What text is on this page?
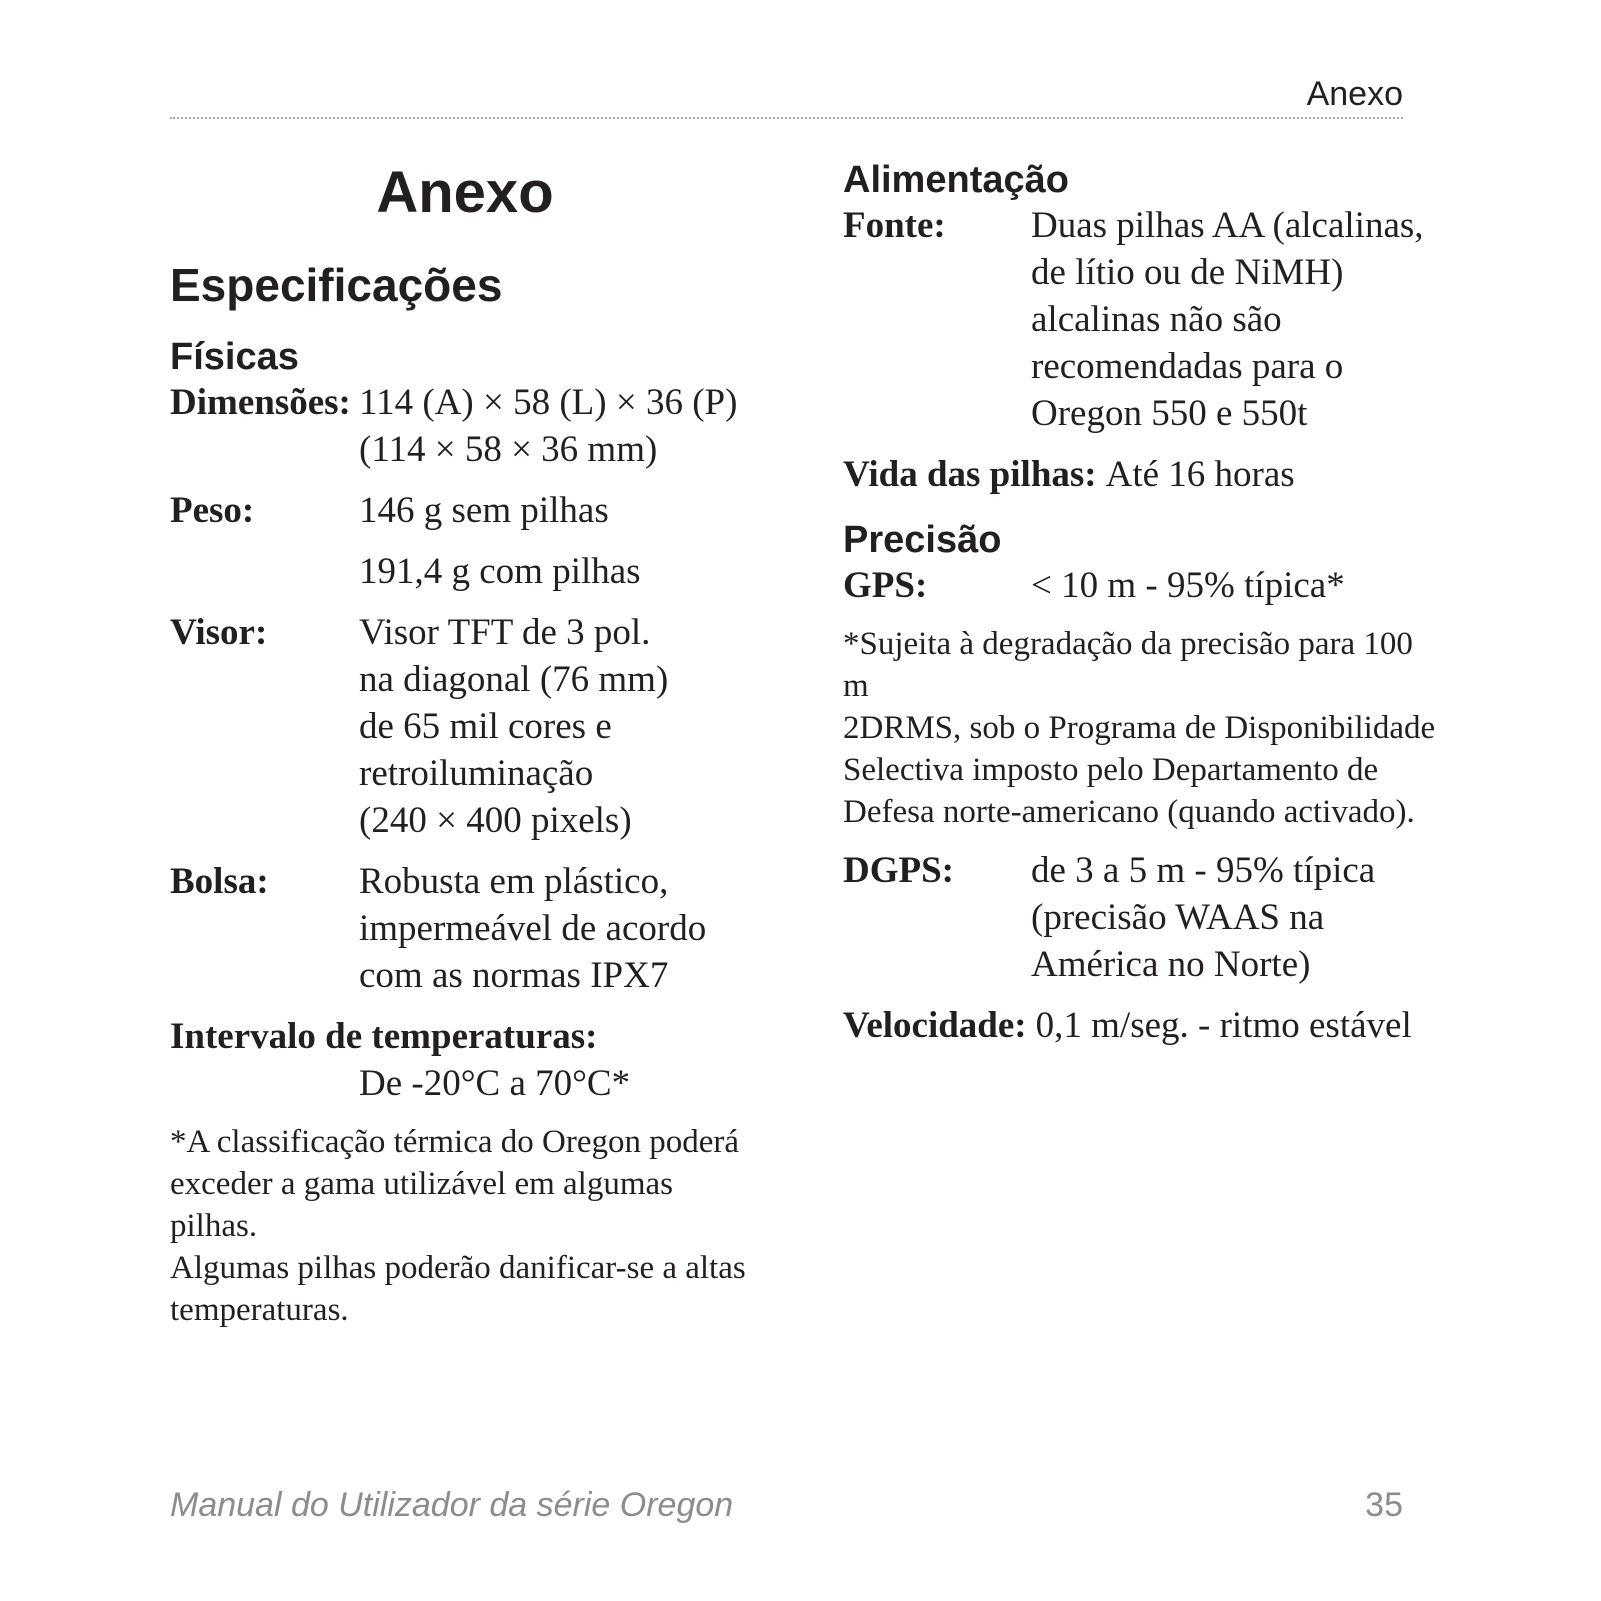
Anexo
Anexo
Especificações
Físicas
Dimensões: 114 (A) × 58 (L) × 36 (P)
(114 × 58 × 36 mm)
Peso:	146 g sem pilhas
191,4 g com pilhas
Visor:	Visor TFT de 3 pol.
na diagonal (76 mm)
de 65 mil cores e
retroiluminação
(240 × 400 pixels)
Bolsa:	Robusta em plástico,
impermeável de acordo
com as normas IPX7
Intervalo de temperaturas:
De -20°C a 70°C*
*A classificação térmica do Oregon poderá
exceder a gama utilizável em algumas pilhas.
Algumas pilhas poderão danificar-se a altas
temperaturas.
Alimentação
Fonte:	Duas pilhas AA (alcalinas,
de lítio ou de NiMH)
alcalinas não são
recomendadas para o
Oregon 550 e 550t
Vida das pilhas: Até 16 horas
Precisão
GPS:	< 10 m - 95% típica*
*Sujeita à degradação da precisão para 100 m
2DRMS, sob o Programa de Disponibilidade
Selectiva imposto pelo Departamento de
Defesa norte-americano (quando activado).
DGPS:	de 3 a 5 m - 95% típica
(precisão WAAS na
América no Norte)
Velocidade: 0,1 m/seg. - ritmo estável
Manual do Utilizador da série Oregon	35
